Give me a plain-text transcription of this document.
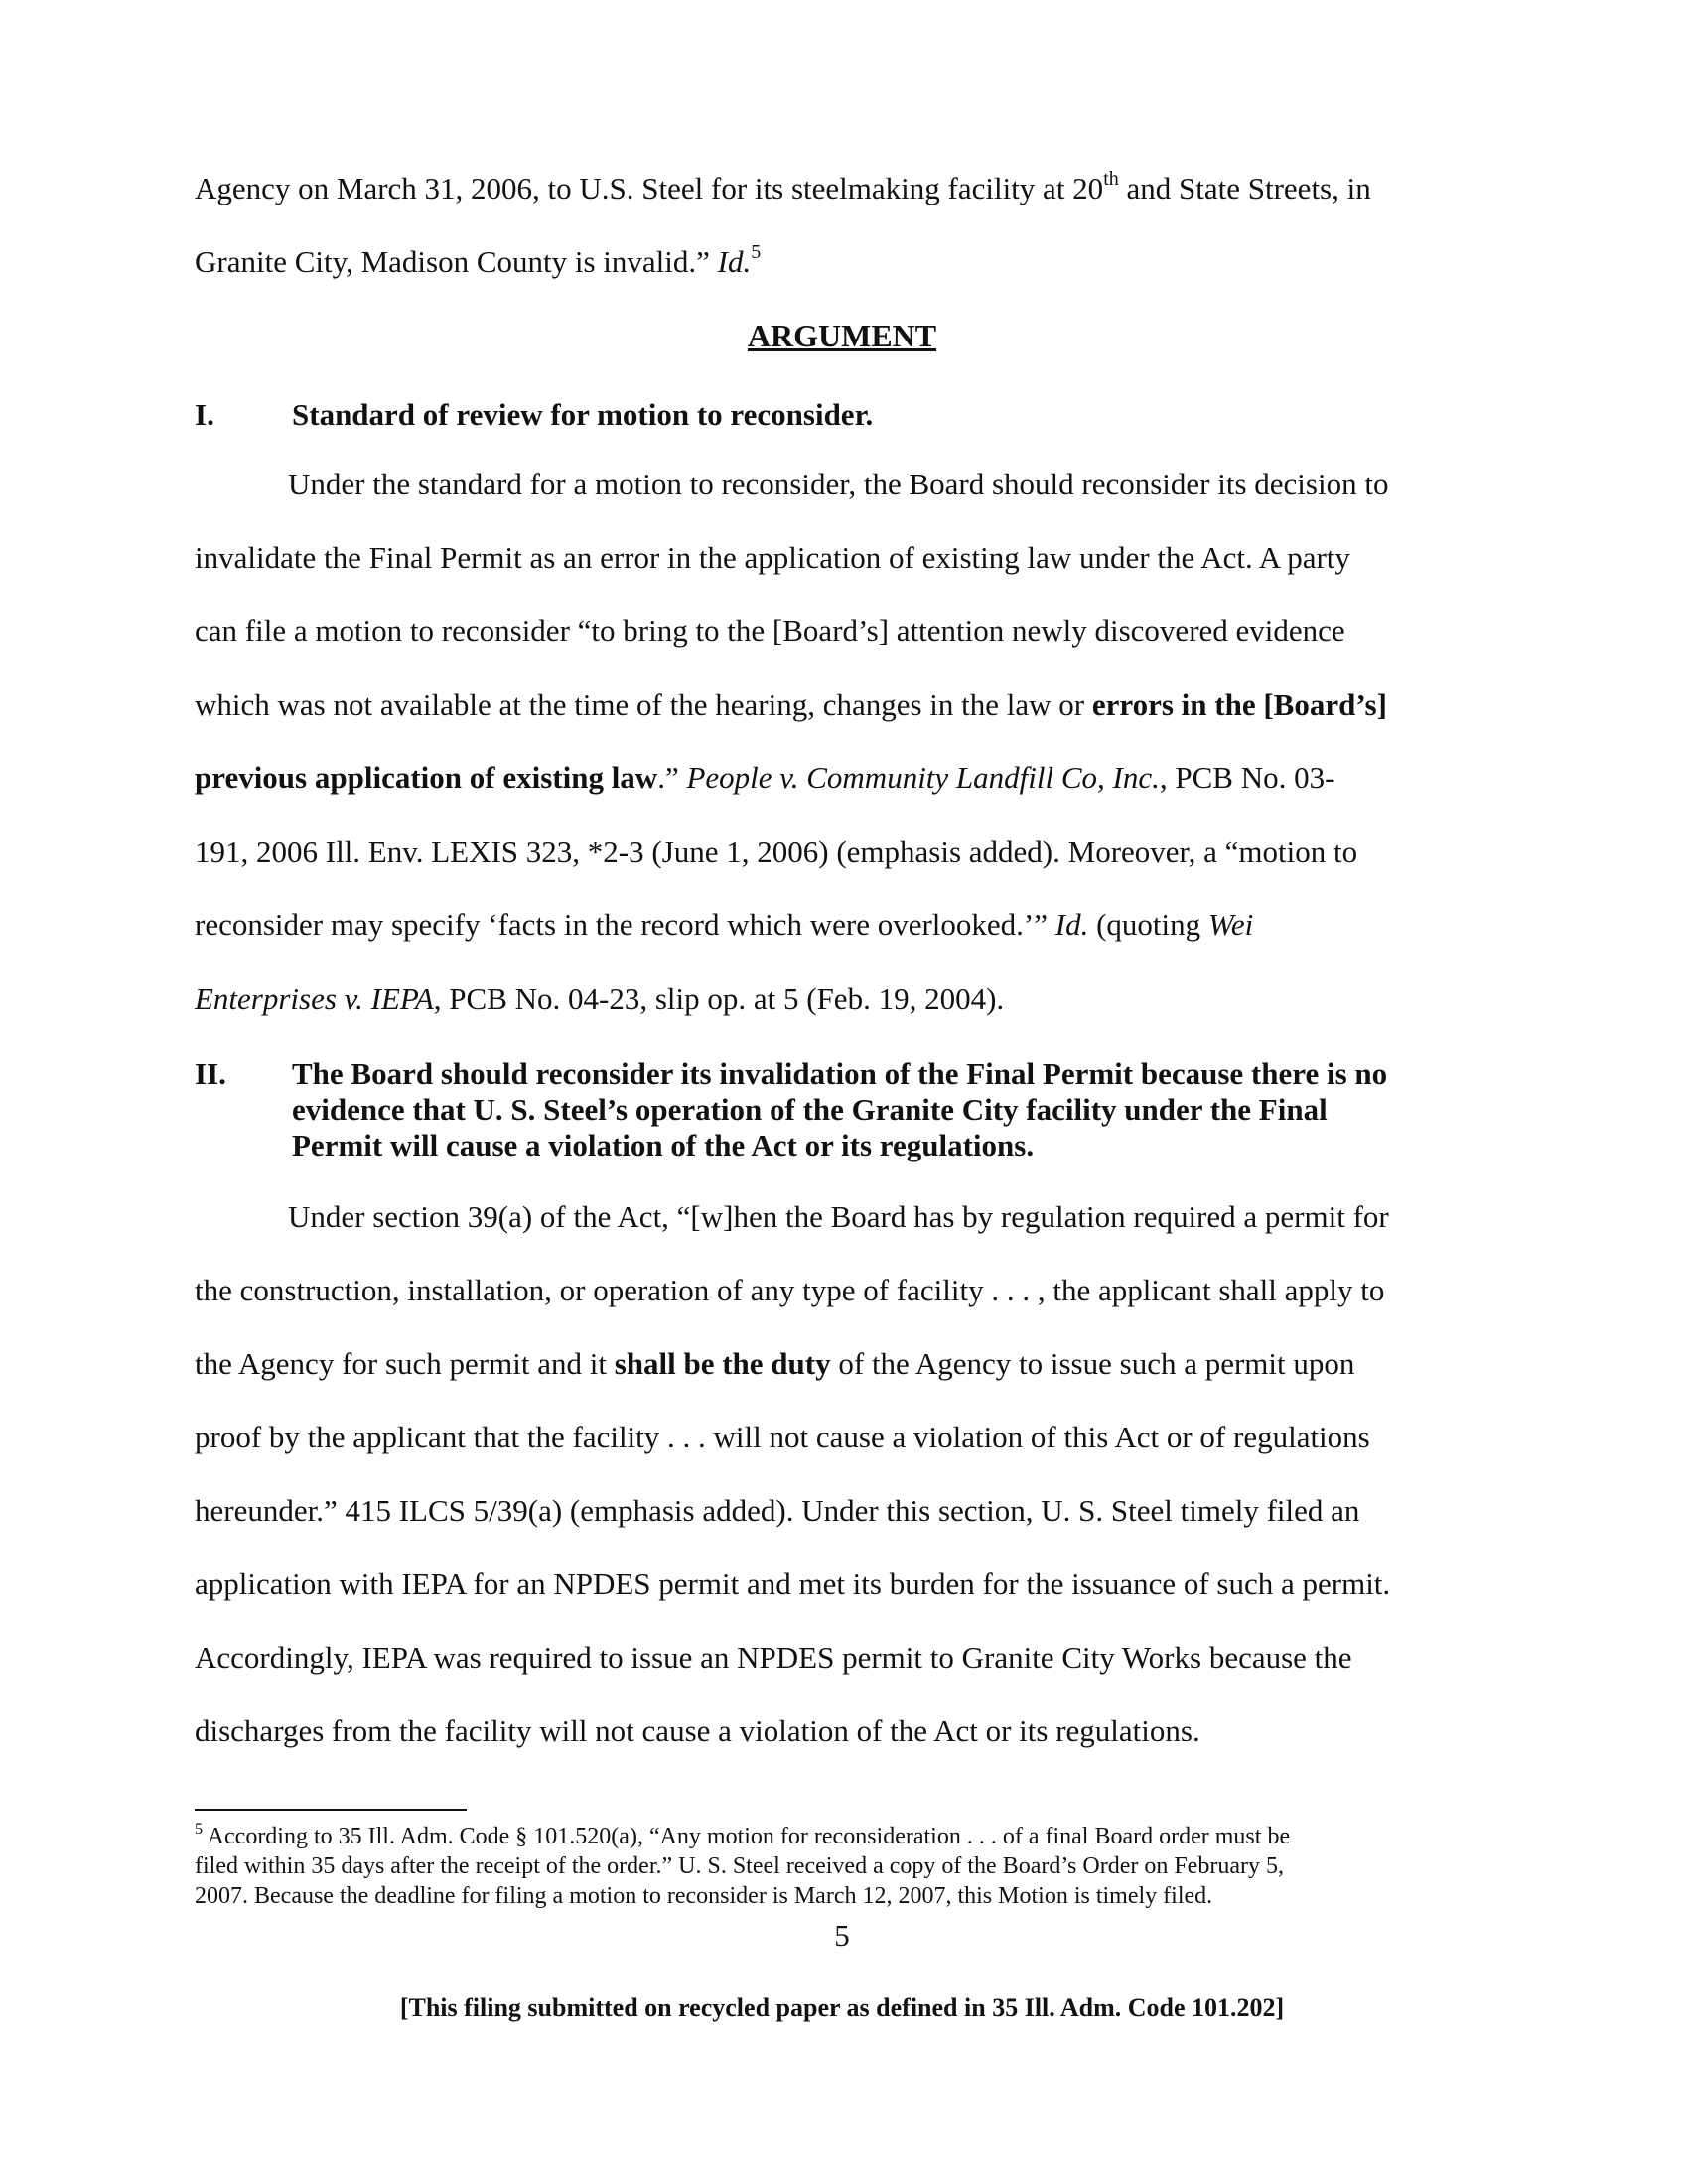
Agency on March 31, 2006, to U.S. Steel for its steelmaking facility at 20th and State Streets, in
Granite City, Madison County is invalid.” Id.$^5$
ARGUMENT
I.	Standard of review for motion to reconsider.
Under the standard for a motion to reconsider, the Board should reconsider its decision to
invalidate the Final Permit as an error in the application of existing law under the Act. A party
can file a motion to reconsider “to bring to the [Board’s] attention newly discovered evidence
which was not available at the time of the hearing, changes in the law or errors in the [Board’s]
previous application of existing law.” People v. Community Landfill Co, Inc., PCB No. 03-
191, 2006 Ill. Env. LEXIS 323, *2-3 (June 1, 2006) (emphasis added). Moreover, a “motion to
reconsider may specify ‘facts in the record which were overlooked.’” Id. (quoting Wei
Enterprises v. IEPA, PCB No. 04-23, slip op. at 5 (Feb. 19, 2004).
II. The Board should reconsider its invalidation of the Final Permit because there is no
evidence that U. S. Steel’s operation of the Granite City facility under the Final
Permit will cause a violation of the Act or its regulations.
Under section 39(a) of the Act, “[w]hen the Board has by regulation required a permit for
the construction, installation, or operation of any type of facility . . . , the applicant shall apply to
the Agency for such permit and it shall be the duty of the Agency to issue such a permit upon
proof by the applicant that the facility . . . will not cause a violation of this Act or of regulations
hereunder.” 415 ILCS 5/39(a) (emphasis added). Under this section, U. S. Steel timely filed an
application with IEPA for an NPDES permit and met its burden for the issuance of such a permit.
Accordingly, IEPA was required to issue an NPDES permit to Granite City Works because the
discharges from the facility will not cause a violation of the Act or its regulations.
$^5$ According to 35 Ill. Adm. Code § 101.520(a), “Any motion for reconsideration . . . of a final Board order must be
filed within 35 days after the receipt of the order.” U. S. Steel received a copy of the Board’s Order on February 5,
2007. Because the deadline for filing a motion to reconsider is March 12, 2007, this Motion is timely filed.
5
[This filing submitted on recycled paper as defined in 35 Ill. Adm. Code 101.202]
